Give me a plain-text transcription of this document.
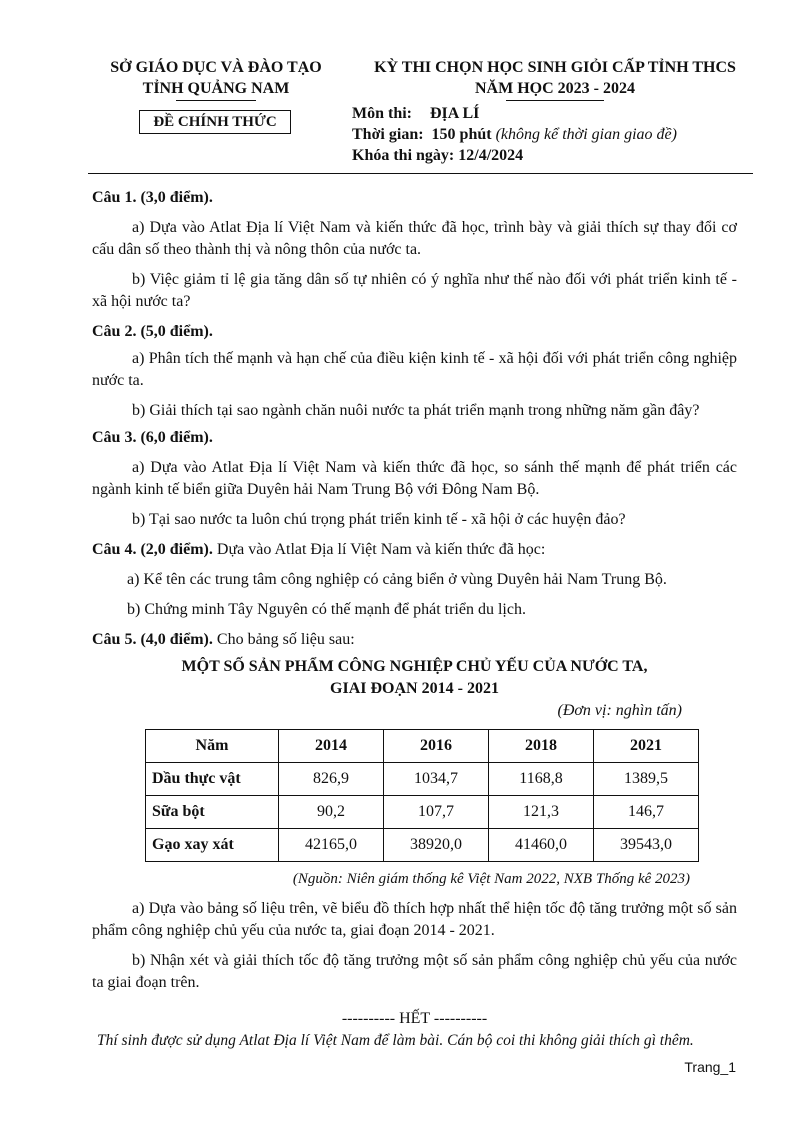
SỞ GIÁO DỤC VÀ ĐÀO TẠO
TỈNH QUẢNG NAM
ĐỀ CHÍNH THỨC
KỲ THI CHỌN HỌC SINH GIỎI CẤP TỈNH THCS
NĂM HỌC 2023 - 2024
Môn thi: ĐỊA LÍ
Thời gian: 150 phút (không kể thời gian giao đề)
Khóa thi ngày: 12/4/2024

Câu 1. (3,0 điểm).

a) Dựa vào Atlat Địa lí Việt Nam và kiến thức đã học, trình bày và giải thích sự thay đổi cơ cấu dân số theo thành thị và nông thôn của nước ta.

b) Việc giảm tỉ lệ gia tăng dân số tự nhiên có ý nghĩa như thế nào đối với phát triển kinh tế - xã hội nước ta?

Câu 2. (5,0 điểm).

a) Phân tích thế mạnh và hạn chế của điều kiện kinh tế - xã hội đối với phát triển công nghiệp nước ta.

b) Giải thích tại sao ngành chăn nuôi nước ta phát triển mạnh trong những năm gần đây?

Câu 3. (6,0 điểm).

a) Dựa vào Atlat Địa lí Việt Nam và kiến thức đã học, so sánh thế mạnh để phát triển các ngành kinh tế biển giữa Duyên hải Nam Trung Bộ với Đông Nam Bộ.

b) Tại sao nước ta luôn chú trọng phát triển kinh tế - xã hội ở các huyện đảo?

Câu 4. (2,0 điểm). Dựa vào Atlat Địa lí Việt Nam và kiến thức đã học:

a) Kể tên các trung tâm công nghiệp có cảng biển ở vùng Duyên hải Nam Trung Bộ.

b) Chứng minh Tây Nguyên có thế mạnh để phát triển du lịch.

Câu 5. (4,0 điểm). Cho bảng số liệu sau:

MỘT SỐ SẢN PHẨM CÔNG NGHIỆP CHỦ YẾU CỦA NƯỚC TA,

GIAI ĐOẠN 2014 - 2021

(Đơn vị: nghìn tấn)

Năm	2014	2016	2018	2021
Dầu thực vật	826,9	1034,7	1168,8	1389,5
Sữa bột	90,2	107,7	121,3	146,7
Gạo xay xát	42165,0	38920,0	41460,0	39543,0

(Nguồn: Niên giám thống kê Việt Nam 2022, NXB Thống kê 2023)

a) Dựa vào bảng số liệu trên, vẽ biểu đồ thích hợp nhất thể hiện tốc độ tăng trưởng một số sản phẩm công nghiệp chủ yếu của nước ta, giai đoạn 2014 - 2021.

b) Nhận xét và giải thích tốc độ tăng trưởng một số sản phẩm công nghiệp chủ yếu của nước ta giai đoạn trên.

---------- HẾT ----------

Thí sinh được sử dụng Atlat Địa lí Việt Nam để làm bài. Cán bộ coi thi không giải thích gì thêm.
Trang_1
